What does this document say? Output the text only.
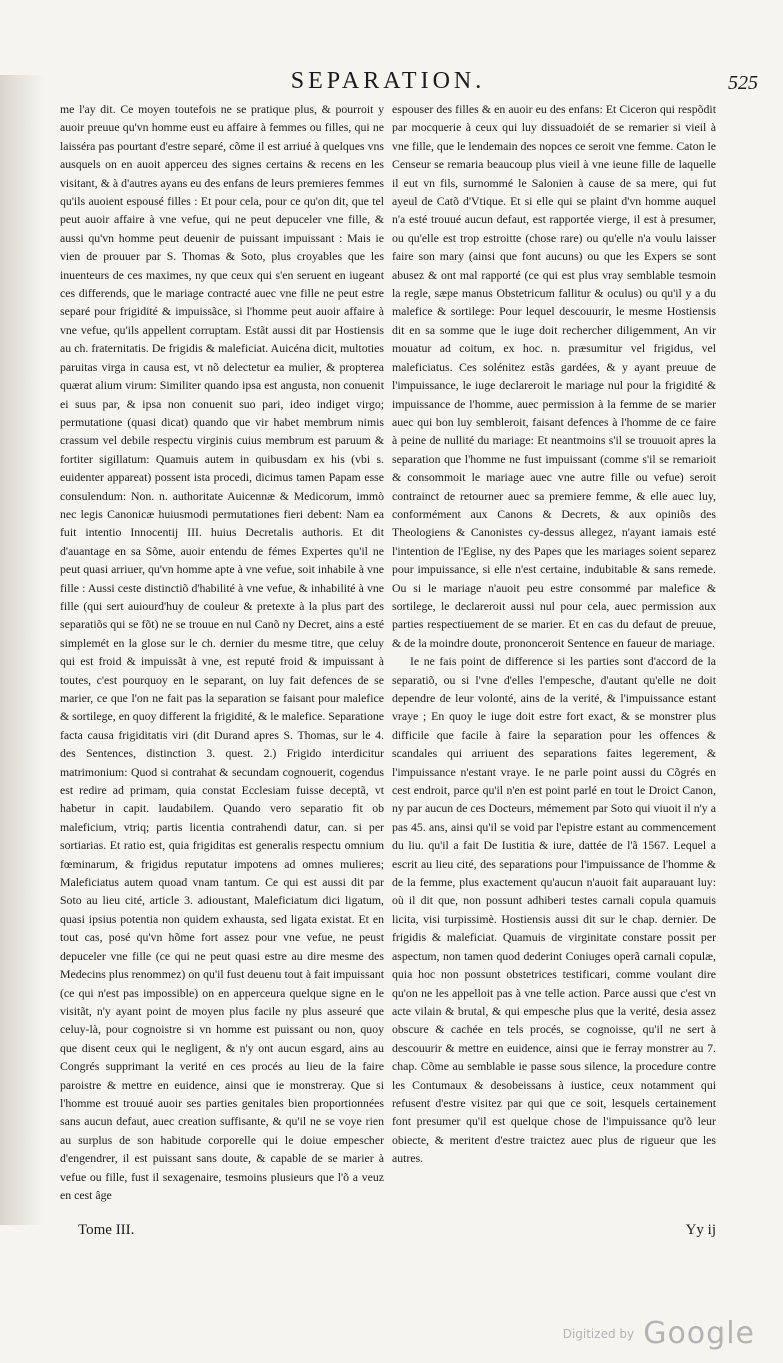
SEPARATION.	525

me l'ay dit. Ce moyen toutefois ne se pratique plus, & pourroit y auoir preuue qu'vn homme eust eu affaire à femmes ou filles, qui ne laisséra pas pourtant d'estre separé, cõme il est arriué à quelques vns ausquels on en auoit apperceu des signes certains & recens en les visitant, & à d'autres ayans eu des enfans de leurs premieres femmes qu'ils auoient espousé filles : Et pour cela, pour ce qu'on dit, que tel peut auoir affaire à vne vefue, qui ne peut depuceler vne fille, & aussi qu'vn homme peut deuenir de puissant impuissant : Mais ie vien de prouuer par S. Thomas & Soto, plus croyables que les inuenteurs de ces maximes, ny que ceux qui s'en seruent en iugeant ces differends, que le mariage contracté auec vne fille ne peut estre separé pour frigidité & impuissãce, si l'homme peut auoir affaire à vne vefue, qu'ils appellent corruptam. Estãt aussi dit par Hostiensis au ch. fraternitatis. De frigidis & maleficiat. Auicéna dicit, multoties paruitas virga in causa est, vt nõ delectetur ea mulier, & propterea quærat alium virum: Similiter quando ipsa est angusta, non conuenit ei suus par, & ipsa non conuenit suo pari, ideo indiget virgo; permutatione (quasi dicat) quando que vir habet membrum nimis crassum vel debile respectu virginis cuius membrum est paruum & fortiter sigillatum: Quamuis autem in quibusdam ex his (vbi s. euidenter appareat) possent ista procedi, dicimus tamen Papam esse consulendum: Non. n. authoritate Auicennæ & Medicorum, immò nec legis Canonicæ huiusmodi permutationes fieri debent: Nam ea fuit intentio Innocentij III. huius Decretalis authoris. Et dit d'auantage en sa Sõme, auoir entendu de fémes Expertes qu'il ne peut quasi arriuer, qu'vn homme apte à vne vefue, soit inhabile à vne fille : Aussi ceste distinctiõ d'habilité à vne vefue, & inhabilité à vne fille (qui sert auiourd'huy de couleur & pretexte à la plus part des separatiõs qui se fõt) ne se trouue en nul Canõ ny Decret, ains a esté simplemét en la glose sur le ch. dernier du mesme titre, que celuy qui est froid & impuissãt à vne, est reputé froid & impuissant à toutes, c'est pourquoy en le separant, on luy fait defences de se marier, ce que l'on ne fait pas la separation se faisant pour malefice & sortilege, en quoy different la frigidité, & le malefice. Separatione facta causa frigiditatis viri (dit Durand apres S. Thomas, sur le 4. des Sentences, distinction 3. quest. 2.) Frigido interdicitur matrimonium: Quod si contrahat & secundam cognouerit, cogendus est redire ad primam, quia constat Ecclesiam fuisse deceptã, vt habetur in capit. laudabilem. Quando vero separatio fit ob maleficium, vtriq; partis licentia contrahendi datur, can. si per sortiarias. Et ratio est, quia frigiditas est generalis respectu omnium fœminarum, & frigidus reputatur impotens ad omnes mulieres; Maleficiatus autem quoad vnam tantum. Ce qui est aussi dit par Soto au lieu cité, article 3. adioustant, Maleficiatum dici ligatum, quasi ipsius potentia non quidem exhausta, sed ligata existat. Et en tout cas, posé qu'vn hõme fort assez pour vne vefue, ne peust depuceler vne fille (ce qui ne peut quasi estre au dire mesme des Medecins plus renommez) on qu'il fust deuenu tout à fait impuissant (ce qui n'est pas impossible) on en apperceura quelque signe en le visitãt, n'y ayant point de moyen plus facile ny plus asseuré que celuy-là, pour cognoistre si vn homme est puissant ou non, quoy que disent ceux qui le negligent, & n'y ont aucun esgard, ains au Congrés supprimant la verité en ces procés au lieu de la faire paroistre & mettre en euidence, ainsi que ie monstreray. Que si l'homme est trouué auoir ses parties genitales bien proportionnées sans aucun defaut, auec creation suffisante, & qu'il ne se voye rien au surplus de son habitude corporelle qui le doiue empescher d'engendrer, il est puissant sans doute, & capable de se marier à vefue ou fille, fust il sexagenaire, tesmoins plusieurs que l'õ a veuz en cest âge

espouser des filles & en auoir eu des enfans: Et Ciceron qui respõdit par mocquerie à ceux qui luy dissuadoiét de se remarier si vieil à vne fille, que le lendemain des nopces ce seroit vne femme. Caton le Censeur se remaria beaucoup plus vieil à vne ieune fille de laquelle il eut vn fils, surnommé le Salonien à cause de sa mere, qui fut ayeul de Catõ d'Vtique. Et si elle qui se plaint d'vn homme auquel n'a esté trouué aucun defaut, est rapportée vierge, il est à presumer, ou qu'elle est trop estroitte (chose rare) ou qu'elle n'a voulu laisser faire son mary (ainsi que font aucuns) ou que les Expers se sont abusez & ont mal rapporté (ce qui est plus vray semblable tesmoin la regle, sæpe manus Obstetricum fallitur & oculus) ou qu'il y a du malefice & sortilege: Pour lequel descouurir, le mesme Hostiensis dit en sa somme que le iuge doit rechercher diligemment, An vir mouatur ad coitum, ex hoc. n. præsumitur vel frigidus, vel maleficiatus. Ces solénitez estãs gardées, & y ayant preuue de l'impuissance, le iuge declareroit le mariage nul pour la frigidité & impuissance de l'homme, auec permission à la femme de se marier auec qui bon luy sembleroit, faisant defences à l'homme de ce faire à peine de nullité du mariage: Et neantmoins s'il se trouuoit apres la separation que l'homme ne fust impuissant (comme s'il se remarioit & consommoit le mariage auec vne autre fille ou vefue) seroit contrainct de retourner auec sa premiere femme, & elle auec luy, conformément aux Canons & Decrets, & aux opiniõs des Theologiens & Canonistes cy-dessus allegez, n'ayant iamais esté l'intention de l'Eglise, ny des Papes que les mariages soient separez pour impuissance, si elle n'est certaine, indubitable & sans remede. Ou si le mariage n'auoit peu estre consommé par malefice & sortilege, le declareroit aussi nul pour cela, auec permission aux parties respectiuement de se marier. Et en cas du defaut de preuue, & de la moindre doute, prononceroit Sentence en faueur de mariage.

Ie ne fais point de difference si les parties sont d'accord de la separatiõ, ou si l'vne d'elles l'empesche, d'autant qu'elle ne doit dependre de leur volonté, ains de la verité, & l'impuissance estant vraye ; En quoy le iuge doit estre fort exact, & se monstrer plus difficile que facile à faire la separation pour les offences & scandales qui arriuent des separations faites legerement, & l'impuissance n'estant vraye. Ie ne parle point aussi du Cõgrés en cest endroit, parce qu'il n'en est point parlé en tout le Droict Canon, ny par aucun de ces Docteurs, mémement par Soto qui viuoit il n'y a pas 45. ans, ainsi qu'il se void par l'epistre estant au commencement du liu. qu'il a fait De Iustitia & iure, dattée de l'ã 1567. Lequel a escrit au lieu cité, des separations pour l'impuissance de l'homme & de la femme, plus exactement qu'aucun n'auoit fait auparauant luy: où il dit que, non possunt adhiberi testes carnali copula quamuis licita, visi turpissimè. Hostiensis aussi dit sur le chap. dernier. De frigidis & maleficiat. Quamuis de virginitate constare possit per aspectum, non tamen quod dederint Coniuges operã carnali copulæ, quia hoc non possunt obstetrices testificari, comme voulant dire qu'on ne les appelloit pas à vne telle action. Parce aussi que c'est vn acte vilain & brutal, & qui empesche plus que la verité, desia assez obscure & cachée en tels procés, se cognoisse, qu'il ne sert à descouurir & mettre en euidence, ainsi que ie ferray monstrer au 7. chap. Cõme au semblable ie passe sous silence, la procedure contre les Contumaux & desobeissans à iustice, ceux notamment qui refusent d'estre visitez par qui que ce soit, lesquels certainement font presumer qu'il est quelque chose de l'impuissance qu'õ leur obiecte, & meritent d'estre traictez auec plus de rigueur que les autres.

Tome III.	Yy ij
$^{Digitized by}$ Google
